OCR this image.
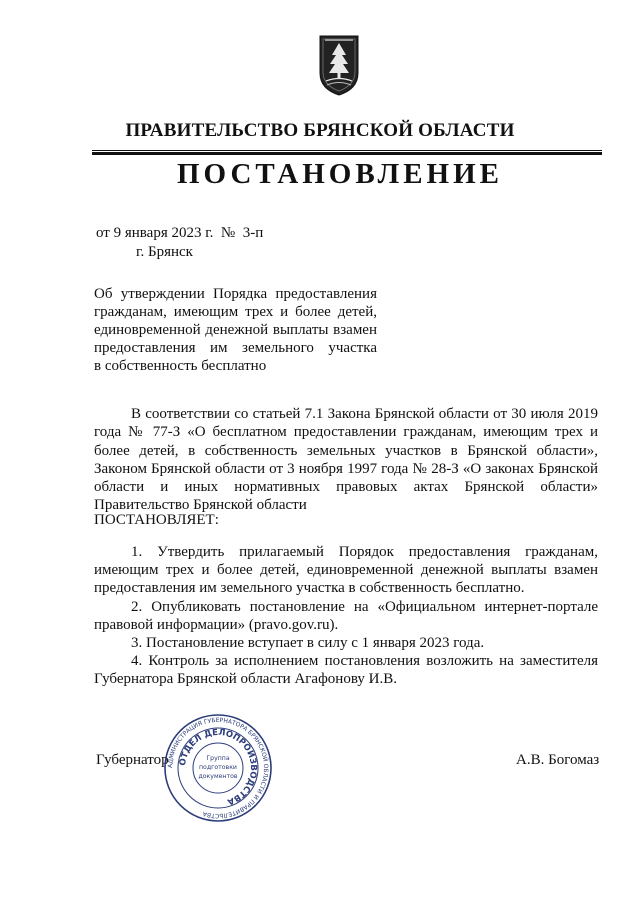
ПРАВИТЕЛЬСТВО БРЯНСКОЙ ОБЛАСТИ
ПОСТАНОВЛЕНИЕ
от 9 января 2023 г.  №  3-п
г. Брянск
Об утверждении Порядка предоставления
гражданам, имеющим трех и более детей,
единовременной денежной выплаты взамен
предоставления им земельного участка
в собственность бесплатно

В соответствии со статьей 7.1 Закона Брянской области от 30 июля 2019 года № 77-З «О бесплатном предоставлении гражданам, имеющим трех и более детей, в собственность земельных участков в Брянской области», Законом Брянской области от 3 ноября 1997 года № 28-З «О законах Брянской области и иных нормативных правовых актах Брянской области» Правительство Брянской области

ПОСТАНОВЛЯЕТ:

1. Утвердить прилагаемый Порядок предоставления гражданам, имеющим трех и более детей, единовременной денежной выплаты взамен предоставления им земельного участка в собственность бесплатно.

2. Опубликовать постановление на «Официальном интернет-портале правовой информации» (pravo.gov.ru).

3. Постановление вступает в силу с 1 января 2023 года.

4. Контроль за исполнением постановления возложить на заместителя Губернатора Брянской области Агафонову И.В.

Губернатор	А.В. Богомаз
АДМИНИСТРАЦИЯ ГУБЕРНАТОРА БРЯНСКОЙ ОБЛАСТИ И ПРАВИТЕЛЬСТВА
ОТДЕЛ ДЕЛОПРОИЗВОДСТВА
Группа
подготовки
документов
